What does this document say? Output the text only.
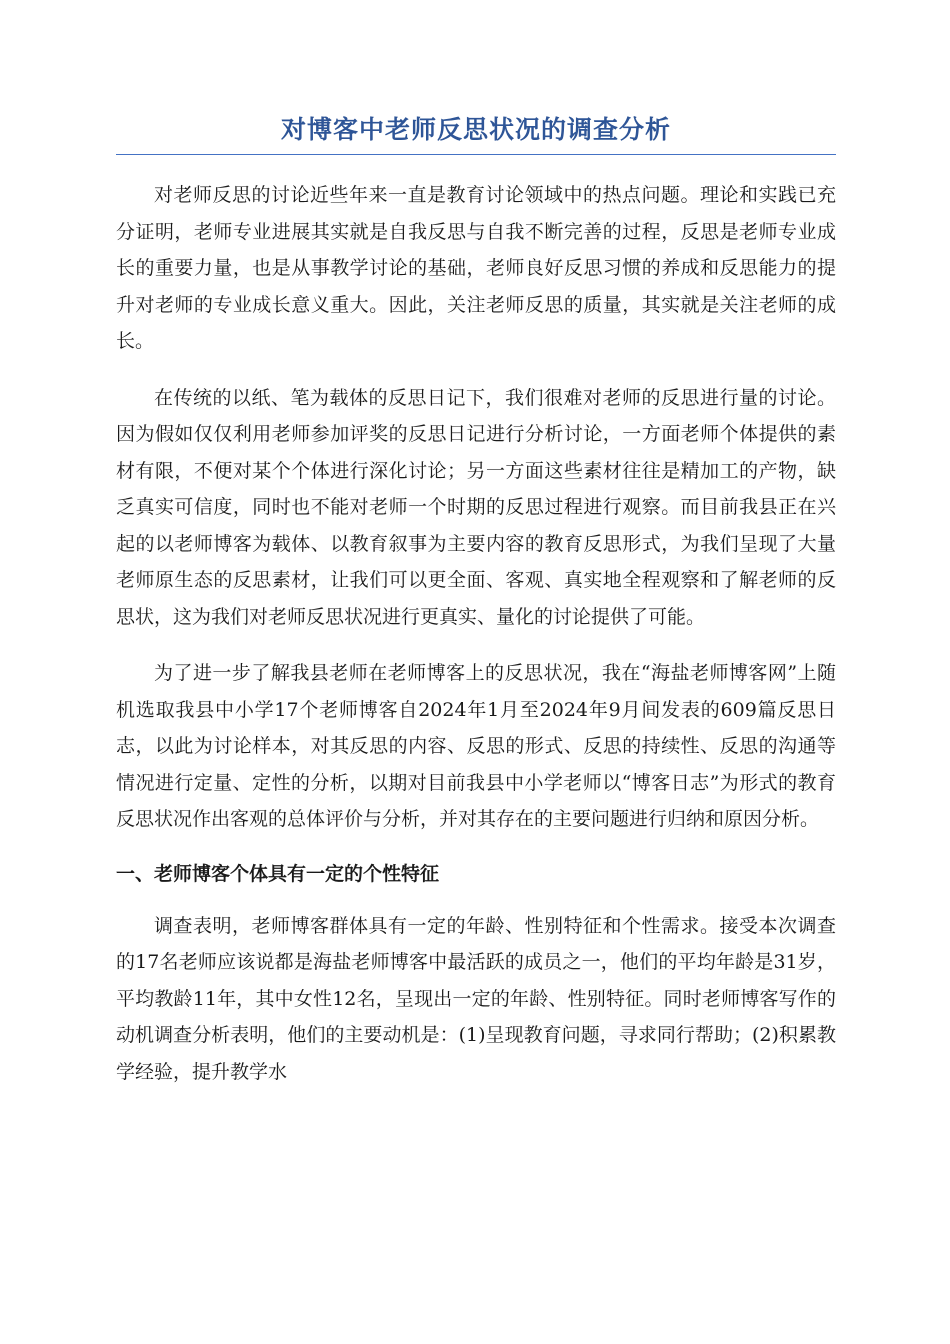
对博客中老师反思状况的调查分析

对老师反思的讨论近些年来一直是教育讨论领域中的热点问题。理论和实践已充分证明，老师专业进展其实就是自我反思与自我不断完善的过程，反思是老师专业成长的重要力量，也是从事教学讨论的基础，老师良好反思习惯的养成和反思能力的提升对老师的专业成长意义重大。因此，关注老师反思的质量，其实就是关注老师的成长。

在传统的以纸、笔为载体的反思日记下，我们很难对老师的反思进行量的讨论。因为假如仅仅利用老师参加评奖的反思日记进行分析讨论，一方面老师个体提供的素材有限，不便对某个个体进行深化讨论；另一方面这些素材往往是精加工的产物，缺乏真实可信度，同时也不能对老师一个时期的反思过程进行观察。而目前我县正在兴起的以老师博客为载体、以教育叙事为主要内容的教育反思形式，为我们呈现了大量老师原生态的反思素材，让我们可以更全面、客观、真实地全程观察和了解老师的反思状，这为我们对老师反思状况进行更真实、量化的讨论提供了可能。

为了进一步了解我县老师在老师博客上的反思状况，我在“海盐老师博客网”上随机选取我县中小学17个老师博客自2024年1月至2024年9月间发表的609篇反思日志，以此为讨论样本，对其反思的内容、反思的形式、反思的持续性、反思的沟通等情况进行定量、定性的分析，以期对目前我县中小学老师以“博客日志”为形式的教育反思状况作出客观的总体评价与分析，并对其存在的主要问题进行归纳和原因分析。

一、老师博客个体具有一定的个性特征

调查表明，老师博客群体具有一定的年龄、性别特征和个性需求。接受本次调查的17名老师应该说都是海盐老师博客中最活跃的成员之一，他们的平均年龄是31岁，平均教龄11年，其中女性12名，呈现出一定的年龄、性别特征。同时老师博客写作的动机调查分析表明，他们的主要动机是：(1)呈现教育问题，寻求同行帮助；(2)积累教学经验，提升教学水
